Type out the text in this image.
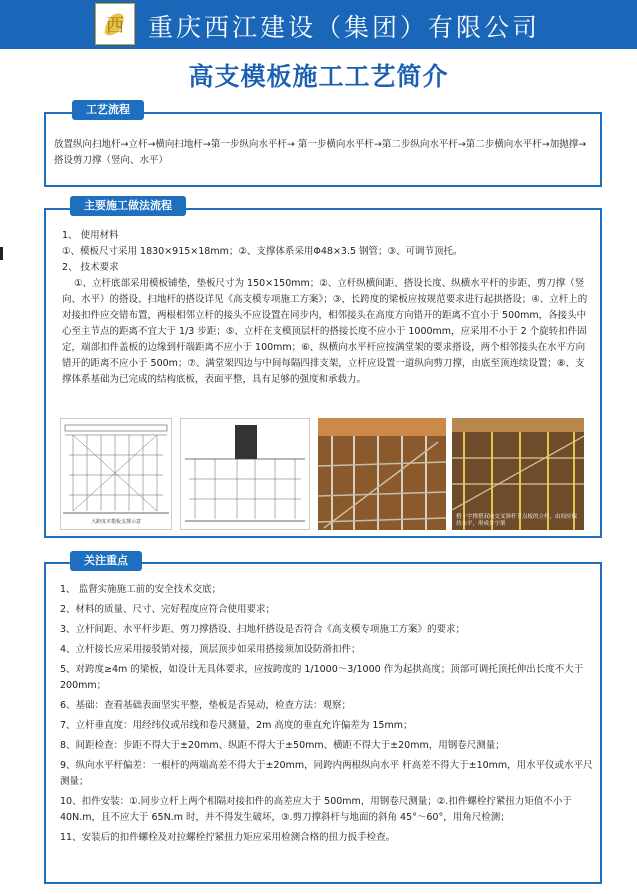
西 重庆西江建设（集团）有限公司
高支模板施工工艺简介
工艺流程
放置纵向扫地杆→立杆→横向扫地杆→第一步纵向水平杆→ 第一步横向水平杆→第二步纵向水平杆→第二步横向水平杆→加抛撑→搭设剪刀撑（竖向、水平）
主要施工做法流程

1、 使用材料

①、模板尺寸采用 1830×915×18mm；②、支撑体系采用Φ48×3.5 钢管；③、可调节顶托。

2、 技术要求

①、立杆底部采用模板铺垫，垫板尺寸为 150×150mm；②、立杆纵横间距、搭设长度、纵横水平杆的步距、剪刀撑（竖向、水平）的搭设、扫地杆的搭设详见《高支模专项施工方案》；③、长跨度的梁板应按规范要求进行起拱搭设；④、立杆上的对接扣件应交错布置，两根相邻立杆的接头不应设置在同步内，相邻接头在高度方向错开的距离不宜小于 500mm，各接头中心至主节点的距离不宜大于 1/3 步距；⑤、立杆在支模顶层杆的搭接长度不应小于 1000mm，应采用不小于 2 个旋转扣件固定，端部扣件盖板的边缘到杆端距离不应小于 100mm；⑥、纵横向水平杆应按满堂架的要求搭设，两个相邻接头在水平方向错开的距离不应小于 500m；⑦、满堂架四边与中间每隔四排支架，立杆应设置一道纵向剪刀撑，由底至顶连续设置；⑧、支撑体系基础为已完成的结构底板，表面平整，具有足够的强度和承载力。

大跨度木模板支撑示意
搭十字撑搭双向交叉斜杆节点板的立杆，由间应保持水平，形成井字架
关注重点

1、 监督实施施工前的安全技术交底；

2、材料的质量、尺寸、完好程度应符合使用要求；

3、立杆间距、水平杆步距、剪刀撑搭设、扫地杆搭设是否符合《高支模专项施工方案》的要求；

4、立杆接长应采用接驳销对接，顶层顶步如采用搭接须加设防滑扣件；

5、对跨度≥4m 的梁板，如设计无具体要求，应按跨度的 1/1000～3/1000 作为起拱高度；顶部可调托顶托伸出长度不大于 200mm；

6、基础：查看基础表面坚实平整，垫板是否晃动，检查方法：观察；

7、立杆垂直度：用经纬仪或吊线和卷尺测量，2m 高度的垂直允许偏差为 15mm；

8、间距检查：步距不得大于±20mm、纵距不得大于±50mm、横距不得大于±20mm，用钢卷尺测量；

9、纵向水平杆偏差：一根杆的两端高差不得大于±20mm，同跨内两根纵向水平 杆高差不得大于±10mm，用水平仪或水平尺测量；

10、扣件安装：①.同步立杆上两个相隔对接扣件的高差应大于 500mm，用钢卷尺测量；②.扣件螺栓拧紧扭力矩值不小于 40N.m，且不应大于 65N.m 时，并不得发生破坏，③.剪刀撑斜杆与地面的斜角 45°～60°，用角尺检测；

11、安装后的扣件螺栓及对拉螺栓拧紧扭力矩应采用检测合格的扭力扳手检查。
